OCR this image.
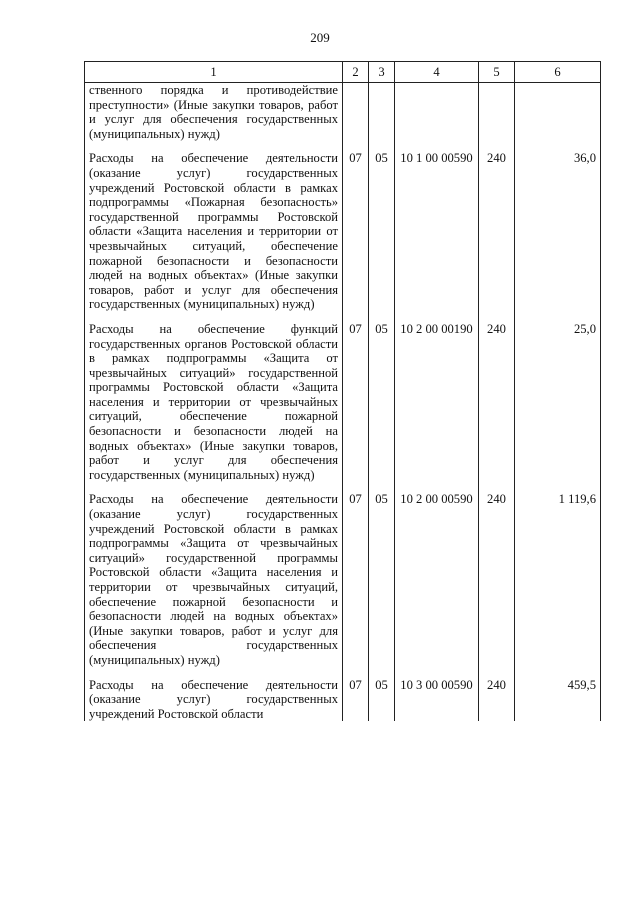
209
1	2	3	4	5	6
ственного порядка и противодействие преступности» (Иные закупки товаров, работ и услуг для обеспечения государственных (муниципальных) нужд)					
Расходы на обеспечение деятельности (оказание услуг) государственных учреждений Ростовской области в рамках подпрограммы «Пожарная безопасность» государственной программы Ростовской области «Защита населения и территории от чрезвычайных ситуаций, обеспечение пожарной безопасности и безопасности людей на водных объектах» (Иные закупки товаров, работ и услуг для обеспечения государственных (муниципальных) нужд)	07	05	10 1 00 00590	240	36,0
Расходы на обеспечение функций государственных органов Ростовской области в рамках подпрограммы «Защита от чрезвычайных ситуаций» государственной программы Ростовской области «Защита населения и территории от чрезвычайных ситуаций, обеспечение пожарной безопасности и безопасности людей на водных объектах» (Иные закупки товаров, работ и услуг для обеспечения государственных (муниципальных) нужд)	07	05	10 2 00 00190	240	25,0
Расходы на обеспечение деятельности (оказание услуг) государственных учреждений Ростовской области в рамках подпрограммы «Защита от чрезвычайных ситуаций» государственной программы Ростовской области «Защита населения и территории от чрезвычайных ситуаций, обеспечение пожарной безопасности и безопасности людей на водных объектах» (Иные закупки товаров, работ и услуг для обеспечения государственных (муниципальных) нужд)	07	05	10 2 00 00590	240	1 119,6
Расходы на обеспечение деятельности (оказание услуг) государственных учреждений Ростовской области	07	05	10 3 00 00590	240	459,5
